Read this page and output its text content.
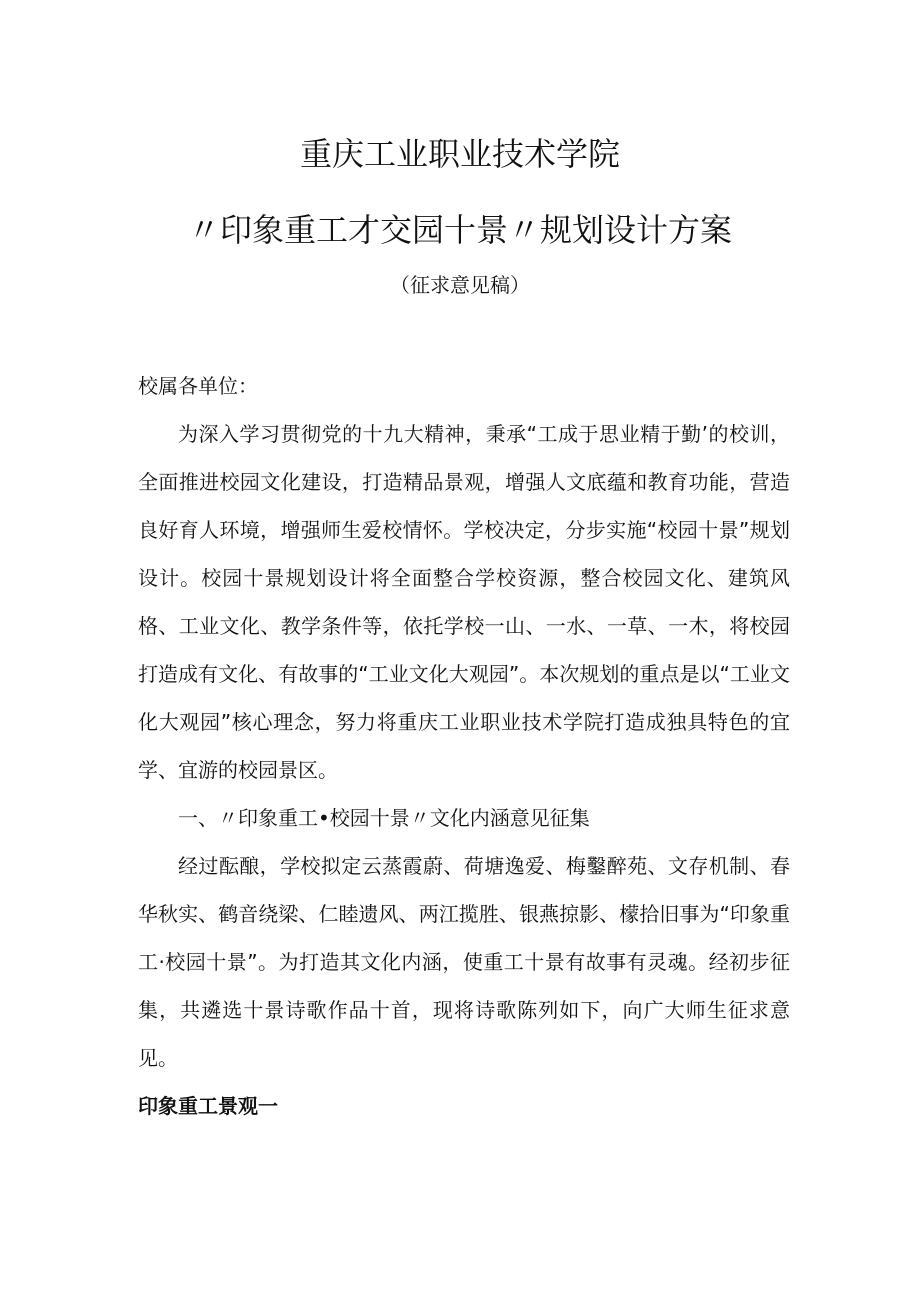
重庆工业职业技术学院
〃印象重工才交园十景〃规划设计方案
（征求意见稿）

校属各单位：

为深入学习贯彻党的十九大精神，秉承“工成于思业精于勤’的校训，全面推进校园文化建设，打造精品景观，增强人文底蕴和教育功能，营造良好育人环境，增强师生爱校情怀。学校决定，分步实施“校园十景”规划设计。校园十景规划设计将全面整合学校资源，整合校园文化、建筑风格、工业文化、教学条件等，依托学校一山、一水、一草、一木，将校园打造成有文化、有故事的“工业文化大观园”。本次规划的重点是以“工业文化大观园”核心理念，努力将重庆工业职业技术学院打造成独具特色的宜学、宜游的校园景区。

一、〃印象重工•校园十景〃文化内涵意见征集

经过酝酿，学校拟定云蒸霞蔚、荷塘逸爱、梅鑿醉苑、文存机制、春华秋实、鹤音绕梁、仁睦遗风、两江揽胜、银燕掠影、檬拾旧事为“印象重工·校园十景”。为打造其文化内涵，使重工十景有故事有灵魂。经初步征集，共遴选十景诗歌作品十首，现将诗歌陈列如下，向广大师生征求意见。

印象重工景观一
